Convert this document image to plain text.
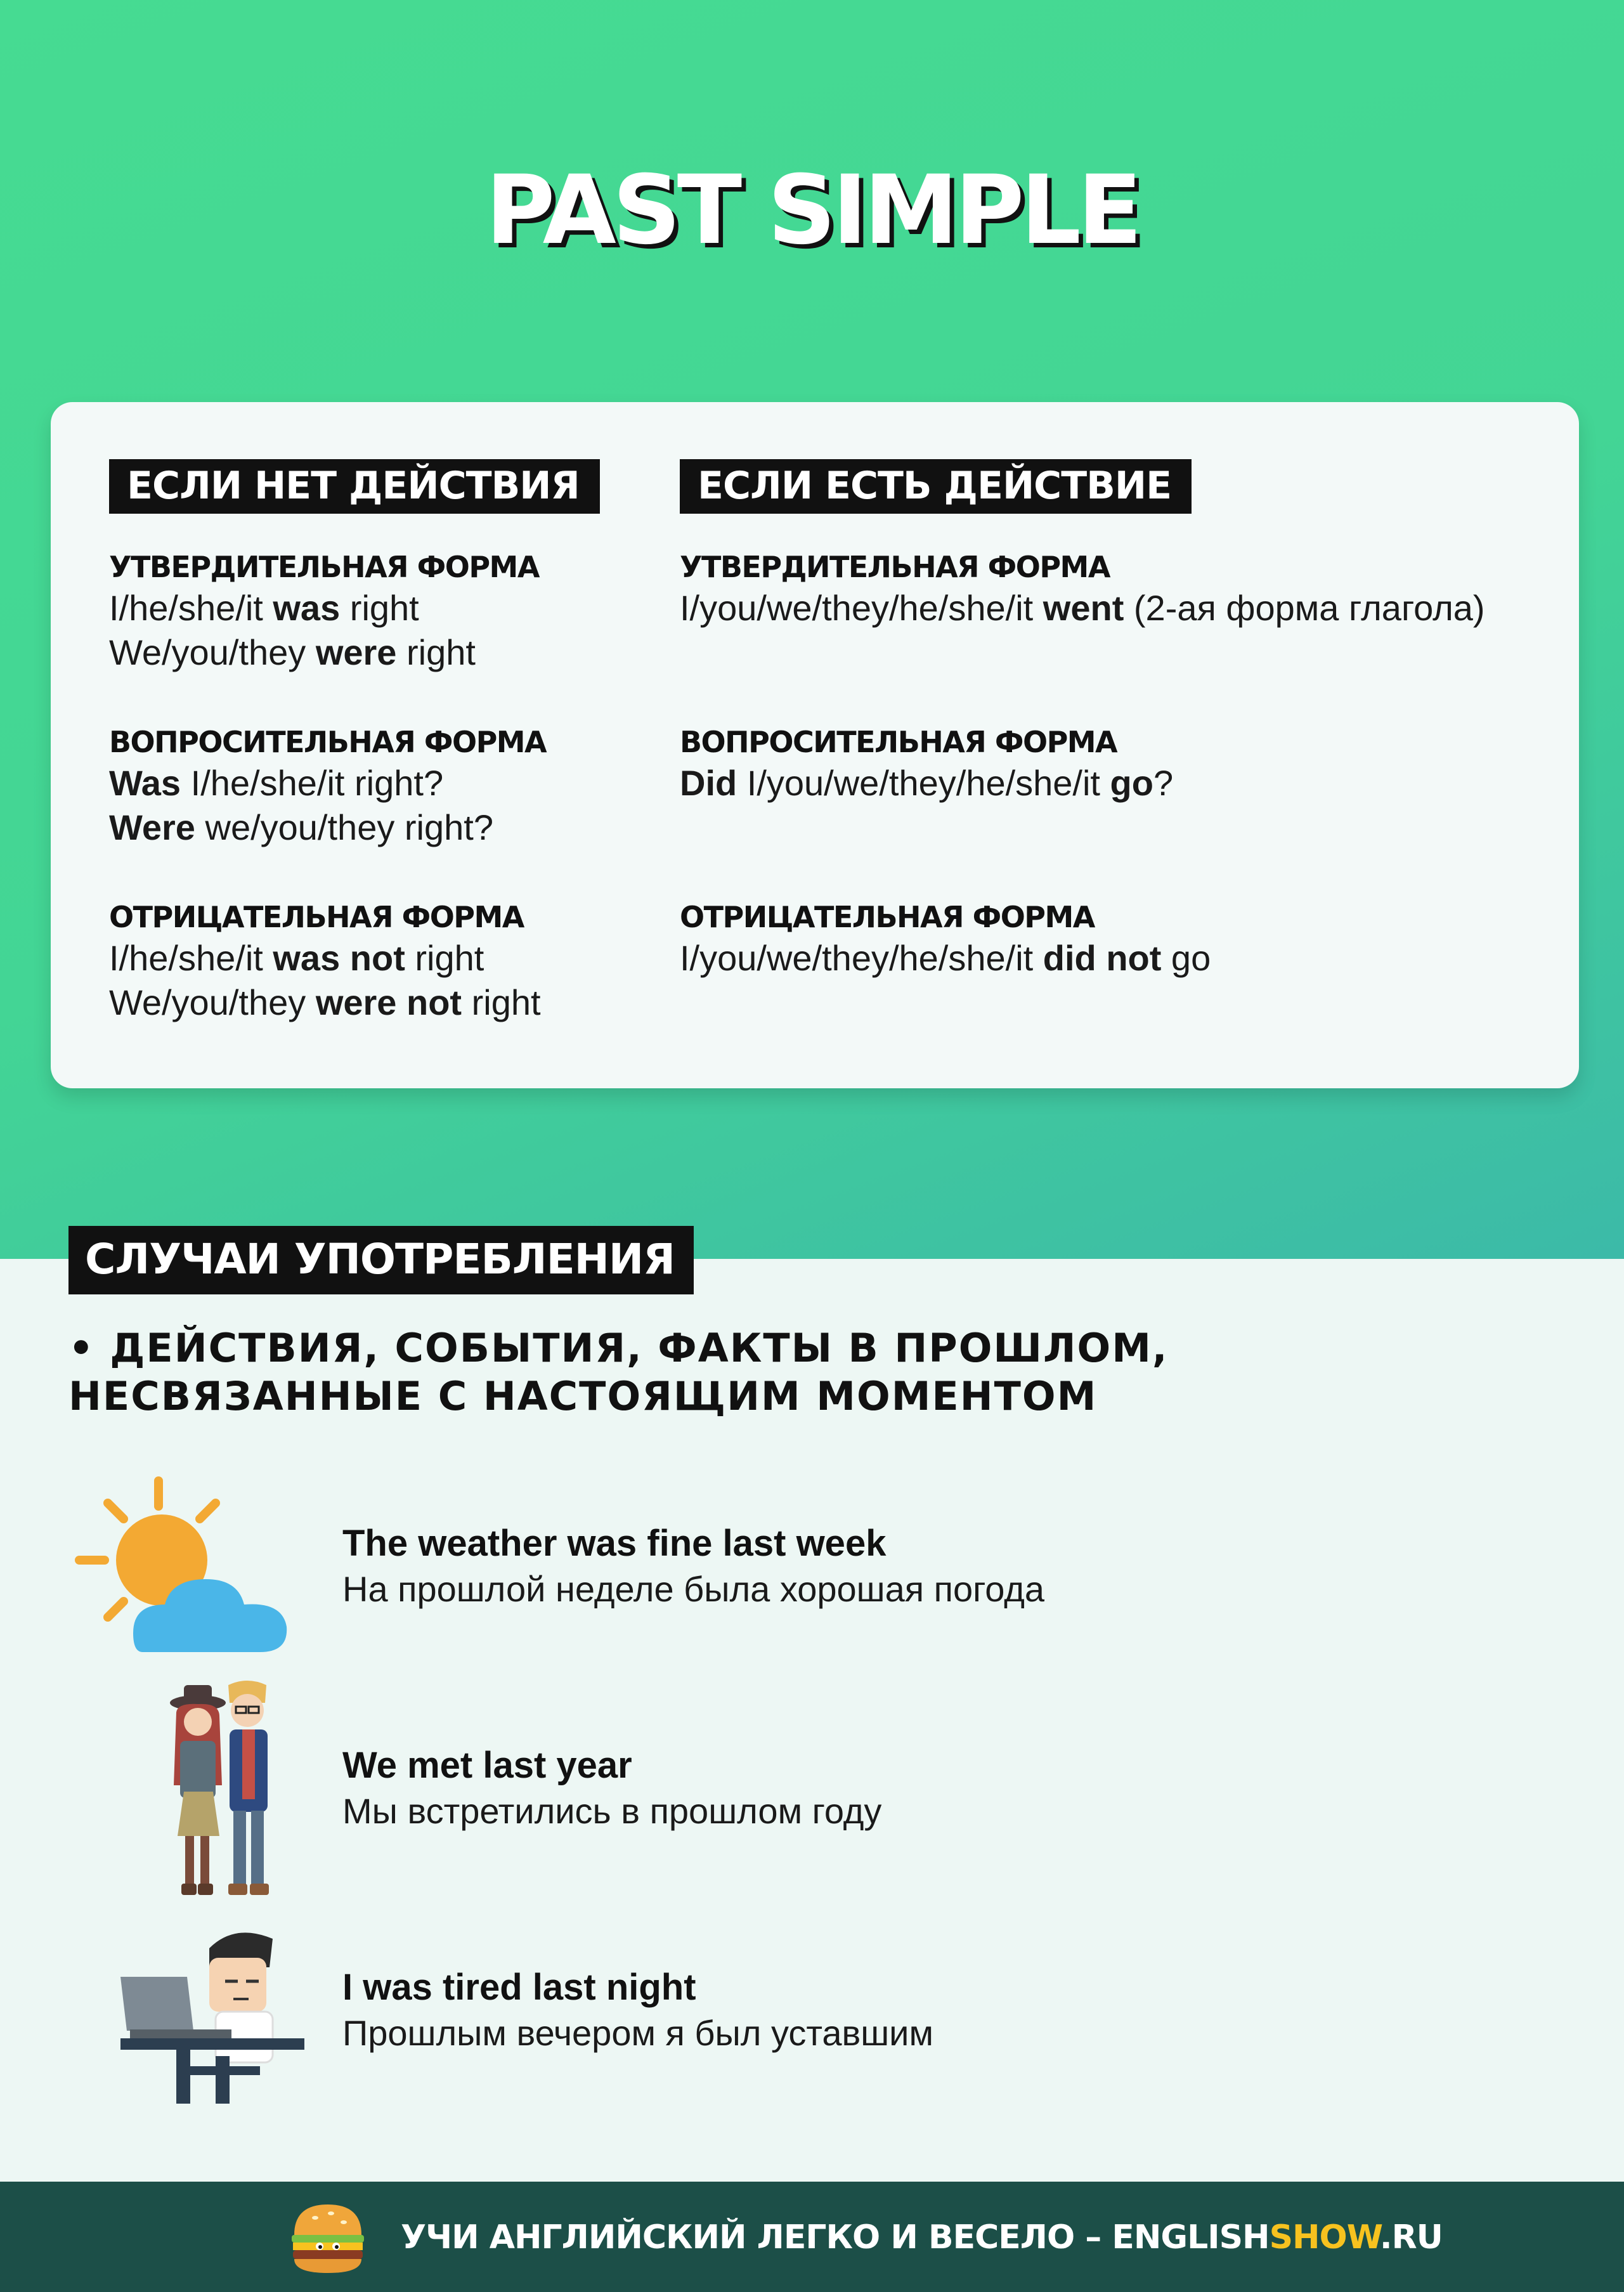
PAST SIMPLE
ЕСЛИ НЕТ ДЕЙСТВИЯ
УТВЕРДИТЕЛЬНАЯ ФОРМА
I/he/she/it was right
We/you/they were right
ВОПРОСИТЕЛЬНАЯ ФОРМА
Was I/he/she/it right?
Were we/you/they right?
ОТРИЦАТЕЛЬНАЯ ФОРМА
I/he/she/it was not right
We/you/they were not right
ЕСЛИ ЕСТЬ ДЕЙСТВИЕ
УТВЕРДИТЕЛЬНАЯ ФОРМА
I/you/we/they/he/she/it went (2-ая форма глагола)
ВОПРОСИТЕЛЬНАЯ ФОРМА
Did I/you/we/they/he/she/it go?
ОТРИЦАТЕЛЬНАЯ ФОРМА
I/you/we/they/he/she/it did not go
СЛУЧАИ УПОТРЕБЛЕНИЯ
• ДЕЙСТВИЯ, СОБЫТИЯ, ФАКТЫ В ПРОШЛОМ,
НЕСВЯЗАННЫЕ С НАСТОЯЩИМ МОМЕНТОМ
The weather was fine last week
На прошлой неделе была хорошая погода
We met last year
Мы встретились в прошлом году
I was tired last night
Прошлым вечером я был уставшим
УЧИ АНГЛИЙСКИЙ ЛЕГКО И ВЕСЕЛО – ENGLISHSHOW.RU
